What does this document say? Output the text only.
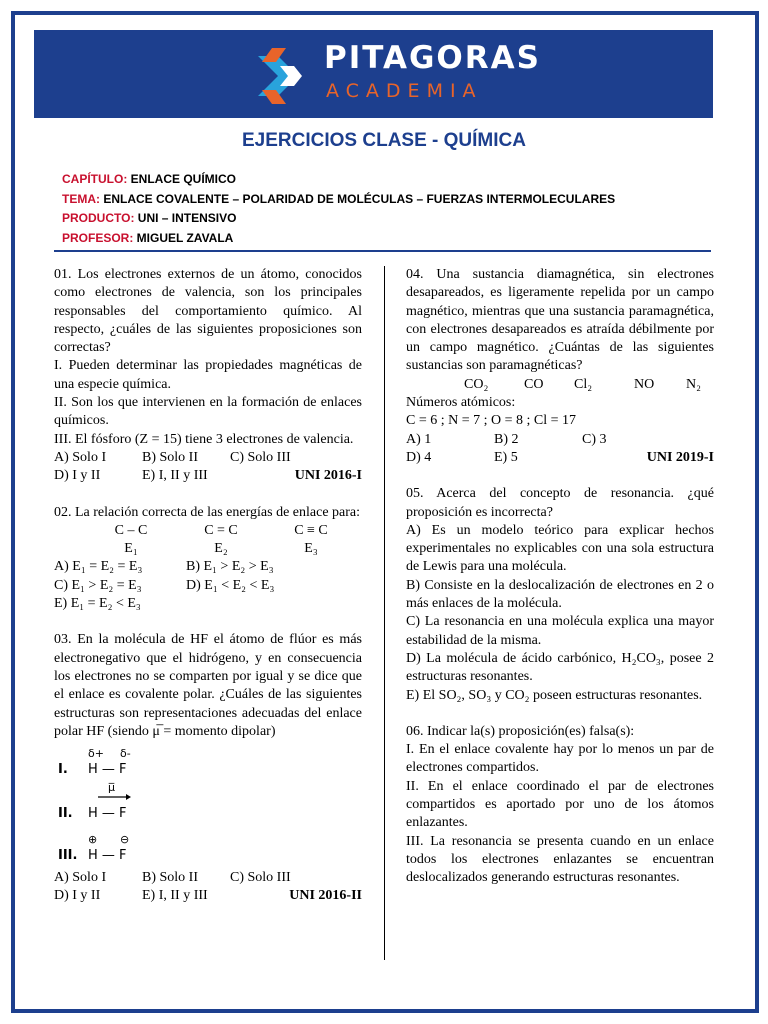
PITAGORAS
ACADEMIA
EJERCICIOS CLASE - QUÍMICA
CAPÍTULO: ENLACE QUÍMICO
TEMA: ENLACE COVALENTE – POLARIDAD DE MOLÉCULAS – FUERZAS INTERMOLECULARES
PRODUCTO: UNI – INTENSIVO
PROFESOR: MIGUEL ZAVALA
01. Los electrones externos de un átomo, conocidos como electrones de valencia, son los principales responsables del comportamiento químico. Al respecto, ¿cuáles de las siguientes proposiciones son correctas?
I. Pueden determinar las propiedades magnéticas de una especie química.
II. Son los que intervienen en la formación de enlaces químicos.
III. El fósforo (Z = 15) tiene 3 electrones de valencia.
A) Solo I	B) Solo II	C) Solo III
D) I y II	E) I, II y III	UNI 2016-I
02. La relación correcta de las energías de enlace para:
C – C	C = C	C ≡ C
E₁	E₂	E₃
A) E₁ = E₂ = E₃	B) E₁ > E₂ > E₃
C) E₁ > E₂ = E₃	D) E₁ < E₂ < E₃
E) E₁ = E₂ < E₃
03. En la molécula de HF el átomo de flúor es más electronegativo que el hidrógeno, y en consecuencia los electrones no se comparten por igual y se dice que el enlace es covalente polar. ¿Cuáles de las siguientes estructuras son representaciones adecuadas del enlace polar HF (siendo μ̅ = momento dipolar)
I.
δ+ δ-
H — F
II.
μ̅
H — F
III.
⊕ ⊖
H — F
A) Solo I	B) Solo II	C) Solo III
D) I y II	E) I, II y III	UNI 2016-II
04. Una sustancia diamagnética, sin electrones desapareados, es ligeramente repelida por un campo magnético, mientras que una sustancia paramagnética, con electrones desapareados es atraída débilmente por un campo magnético. ¿Cuántas de las siguientes sustancias son paramagnéticas?
CO₂	CO	Cl₂	NO	N₂
Números atómicos:
C = 6 ; N = 7 ; O = 8 ; Cl = 17
A) 1	B) 2	C) 3
D) 4	E) 5	UNI 2019-I
05. Acerca del concepto de resonancia. ¿qué proposición es incorrecta?
A) Es un modelo teórico para explicar hechos experimentales no explicables con una sola estructura de Lewis para una molécula.
B) Consiste en la deslocalización de electrones en 2 o más enlaces de la molécula.
C) La resonancia en una molécula explica una mayor estabilidad de la misma.
D) La molécula de ácido carbónico, H₂CO₃, posee 2 estructuras resonantes.
E) El SO₂, SO₃ y CO₂ poseen estructuras resonantes.
06. Indicar la(s) proposición(es) falsa(s):
I. En el enlace covalente hay por lo menos un par de electrones compartidos.
II. En el enlace coordinado el par de electrones compartidos es aportado por uno de los átomos enlazantes.
III. La resonancia se presenta cuando en un enlace todos los electrones enlazantes se encuentran deslocalizados generando estructuras resonantes.
